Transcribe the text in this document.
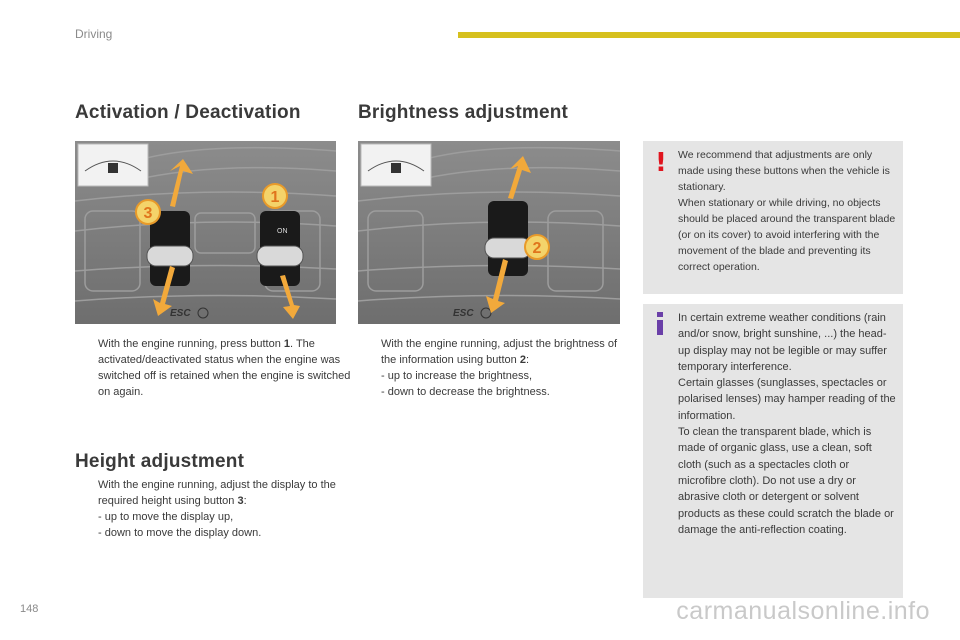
Driving
Activation / Deactivation	Brightness adjustment
ESC
ON
3
1
ESC
2
With the engine running, press button 1. The activated/deactivated status when the engine was switched off is retained when the engine is switched on again.
With the engine running, adjust the brightness of the information using button 2:
- up to increase the brightness,
- down to decrease the brightness.
Height adjustment
With the engine running, adjust the display to the required height using button 3:
- up to move the display up,
- down to move the display down.
! We recommend that adjustments are only made using these buttons when the vehicle is stationary.
When stationary or while driving, no objects should be placed around the transparent blade (or on its cover) to avoid interfering with the movement of the blade and preventing its correct operation.
In certain extreme weather conditions (rain and/or snow, bright sunshine, ...) the head-up display may not be legible or may suffer temporary interference.
Certain glasses (sunglasses, spectacles or polarised lenses) may hamper reading of the information.
To clean the transparent blade, which is made of organic glass, use a clean, soft cloth (such as a spectacles cloth or microfibre cloth). Do not use a dry or abrasive cloth or detergent or solvent products as these could scratch the blade or damage the anti-reflection coating.
148	carmanualsonline.info
